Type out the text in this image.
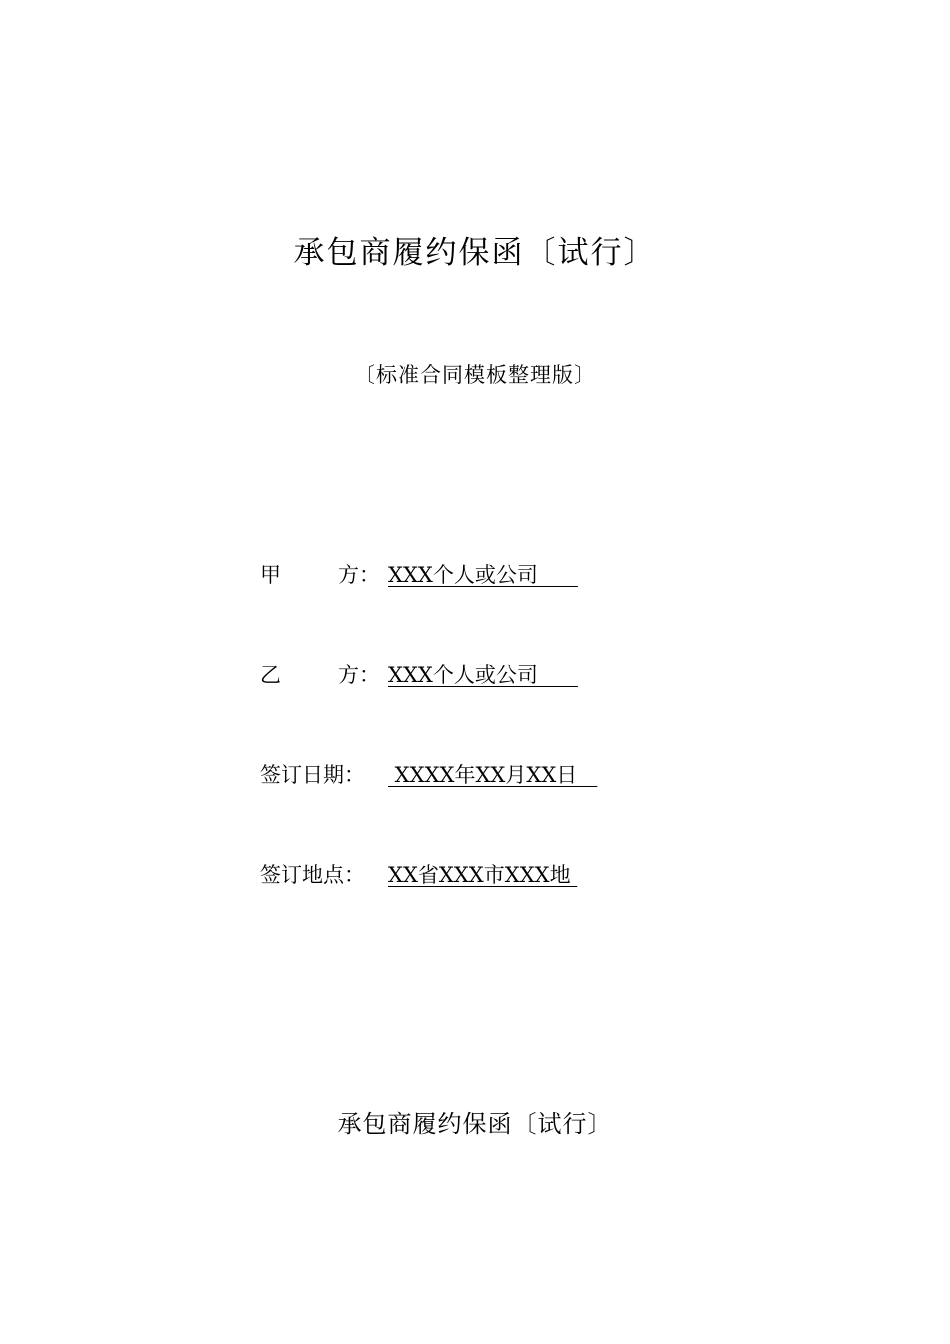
承包商履约保函〔试行〕
〔标准合同模板整理版〕
甲	方： XXX个人或公司
乙	方： XXX个人或公司
签订日期： XXXX年XX月XX日
签订地点： XX省XXX市XXX地
承包商履约保函〔试行〕
